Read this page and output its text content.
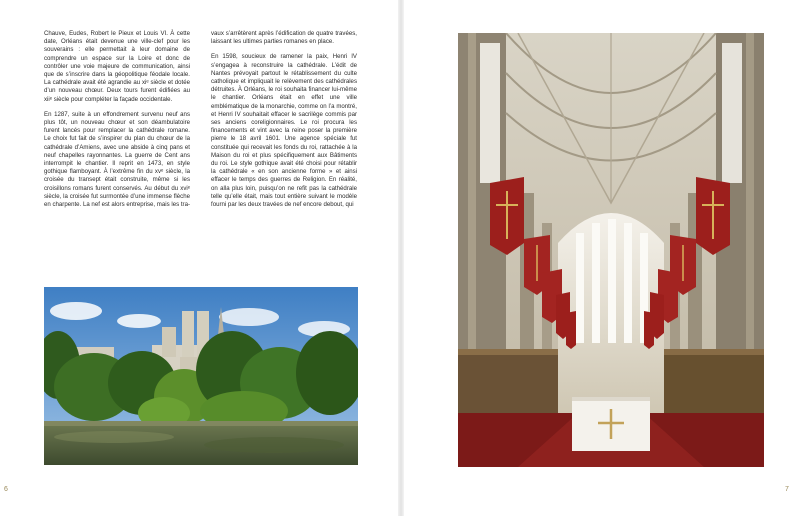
Chauve, Eudes, Robert le Pieux et Louis VI. À cette date, Orléans était devenue une ville-clef pour les souverains : elle permettait à leur domaine de comprendre un espace sur la Loire et donc de contrôler une voie majeure de communication, ainsi que de s’inscrire dans la géopolitique féodale locale. La cathédrale avait été agrandie au xiᵉ siècle et dotée d’un nouveau chœur. Deux tours furent édifiées au xiiᵉ siècle pour compléter la façade occidentale.

En 1287, suite à un effondrement survenu neuf ans plus tôt, un nouveau chœur et son déambulatoire furent lancés pour remplacer la cathédrale romane. Le choix fut fait de s’inspirer du plan du chœur de la cathédrale d’Amiens, avec une abside à cinq pans et neuf chapelles rayonnantes. La guerre de Cent ans interrompit le chantier. Il reprit en 1473, en style gothique flamboyant. À l’extrême fin du xvᵉ siècle, la croisée du transept était construite, même si les croisillons romans furent conservés. Au début du xviᵉ siècle, la croisée fut surmontée d’une immense flèche en charpente. La nef est alors entreprise, mais les tra-

vaux s’arrêtèrent après l’édification de quatre travées, laissant les ultimes parties romanes en place.

En 1598, soucieux de ramener la paix, Henri IV s’engagea à reconstruire la cathédrale. L’édit de Nantes prévoyait partout le rétablissement du culte catholique et impliquait le relèvement des cathédrales détruites. À Orléans, le roi souhaita financer lui-même le chantier. Orléans était en effet une ville emblématique de la monarchie, comme on l’a montré, et Henri IV souhaitait effacer le sacrilège commis par ses anciens coreligionnaires. Le roi procura les financements et vint avec la reine poser la première pierre le 18 avril 1601. Une agence spéciale fut constituée qui recevait les fonds du roi, rattachée à la Maison du roi et plus spécifiquement aux Bâtiments du roi. Le style gothique avait été choisi pour rétablir la cathédrale « en son ancienne forme » et ainsi effacer le temps des guerres de Religion. En réalité, on alla plus loin, puisqu’on ne refit pas la cathédrale telle qu’elle était, mais tout entière suivant le modèle fourni par les deux travées de nef encore debout, qui

6	7
